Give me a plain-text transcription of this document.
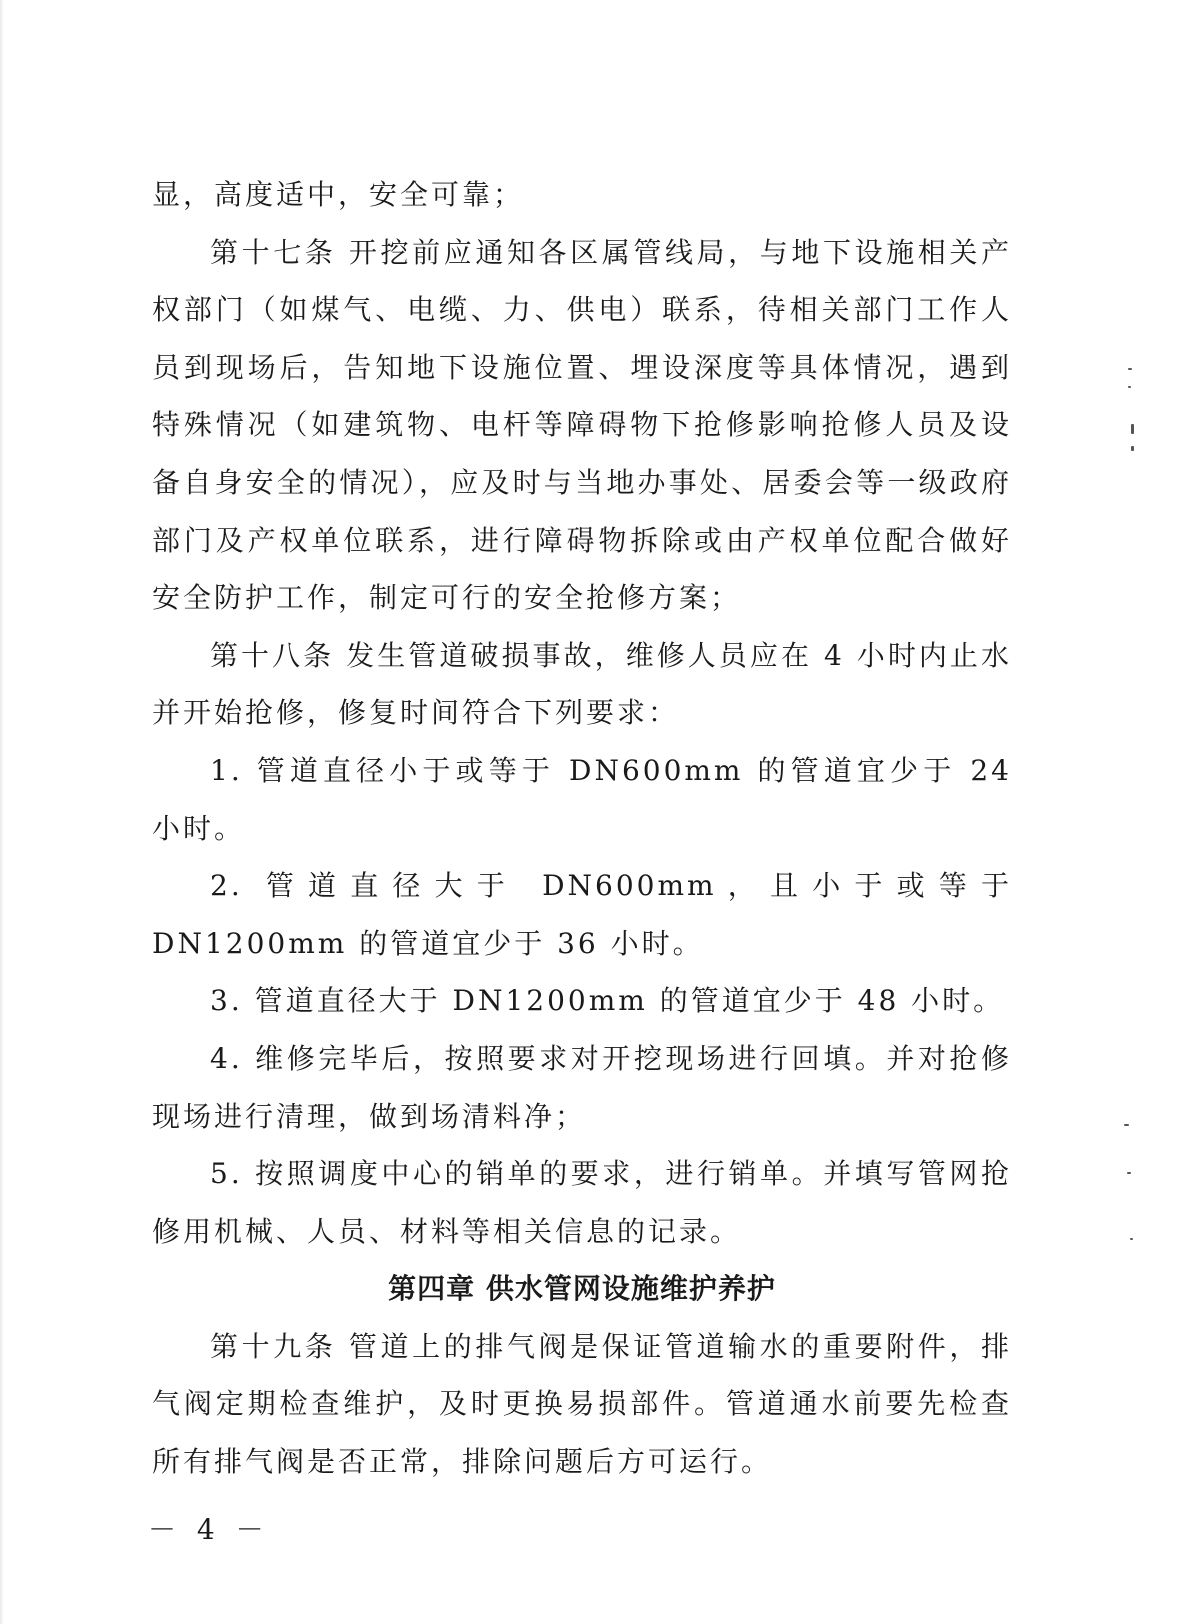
显，高度适中，安全可靠；

第十七条 开挖前应通知各区属管线局，与地下设施相关产权部门（如煤气、电缆、力、供电）联系，待相关部门工作人员到现场后，告知地下设施位置、埋设深度等具体情况，遇到特殊情况（如建筑物、电杆等障碍物下抢修影响抢修人员及设备自身安全的情况），应及时与当地办事处、居委会等一级政府部门及产权单位联系，进行障碍物拆除或由产权单位配合做好安全防护工作，制定可行的安全抢修方案；

第十八条 发生管道破损事故，维修人员应在 4 小时内止水并开始抢修，修复时间符合下列要求：

1. 管道直径小于或等于 DN600mm 的管道宜少于 24 小时。

2. 管道直径大于 DN600mm，且小于或等于 DN1200mm 的管道宜少于 36 小时。

3. 管道直径大于 DN1200mm 的管道宜少于 48 小时。

4. 维修完毕后，按照要求对开挖现场进行回填。并对抢修现场进行清理，做到场清料净；

5. 按照调度中心的销单的要求，进行销单。并填写管网抢修用机械、人员、材料等相关信息的记录。

第四章 供水管网设施维护养护

第十九条 管道上的排气阀是保证管道输水的重要附件，排气阀定期检查维护，及时更换易损部件。管道通水前要先检查所有排气阀是否正常，排除问题后方可运行。

－ 4 －
